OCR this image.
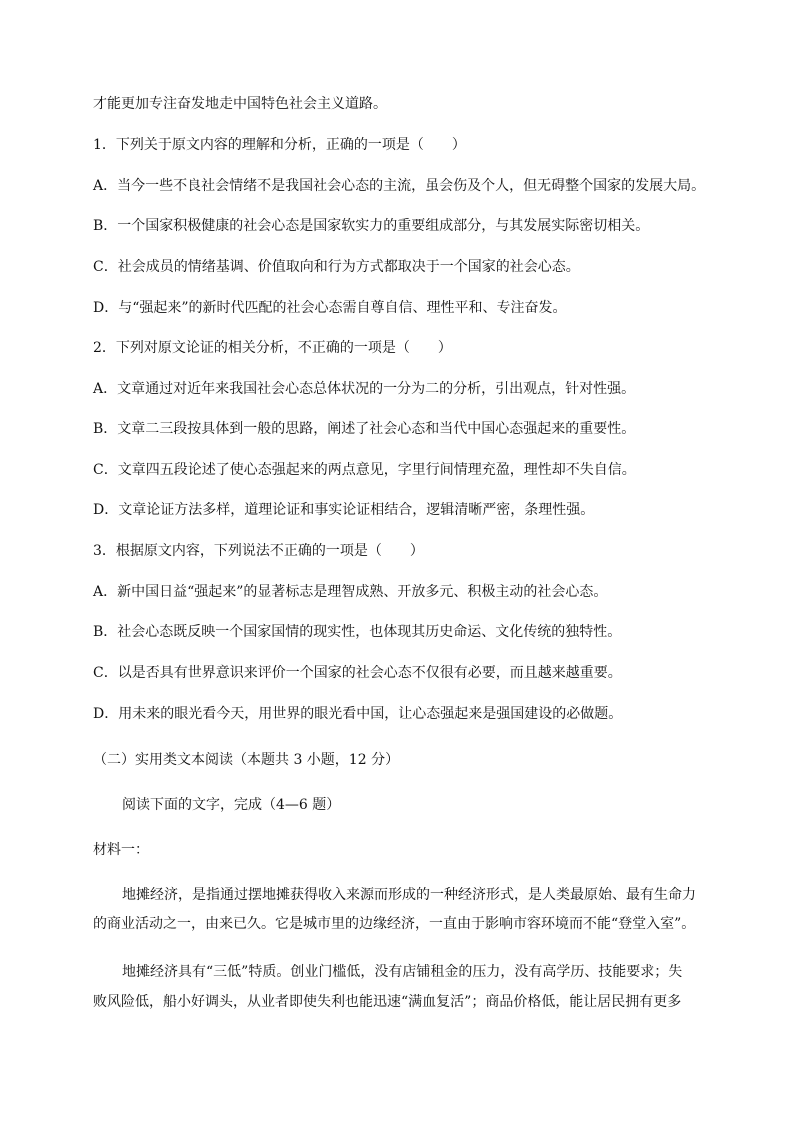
才能更加专注奋发地走中国特色社会主义道路。
1．下列关于原文内容的理解和分析，正确的一项是（　　）
A．当今一些不良社会情绪不是我国社会心态的主流，虽会伤及个人，但无碍整个国家的发展大局。
B．一个国家积极健康的社会心态是国家软实力的重要组成部分，与其发展实际密切相关。
C．社会成员的情绪基调、价值取向和行为方式都取决于一个国家的社会心态。
D．与“强起来”的新时代匹配的社会心态需自尊自信、理性平和、专注奋发。
2．下列对原文论证的相关分析，不正确的一项是（　　）
A．文章通过对近年来我国社会心态总体状况的一分为二的分析，引出观点，针对性强。
B．文章二三段按具体到一般的思路，阐述了社会心态和当代中国心态强起来的重要性。
C．文章四五段论述了使心态强起来的两点意见，字里行间情理充盈，理性却不失自信。
D．文章论证方法多样，道理论证和事实论证相结合，逻辑清晰严密，条理性强。
3．根据原文内容，下列说法不正确的一项是（　　）
A．新中国日益“强起来”的显著标志是理智成熟、开放多元、积极主动的社会心态。
B．社会心态既反映一个国家国情的现实性，也体现其历史命运、文化传统的独特性。
C．以是否具有世界意识来评价一个国家的社会心态不仅很有必要，而且越来越重要。
D．用未来的眼光看今天，用世界的眼光看中国，让心态强起来是强国建设的必做题。
（二）实用类文本阅读（本题共 3 小题，12 分）
阅读下面的文字，完成（4—6 题）
材料一：
地摊经济，是指通过摆地摊获得收入来源而形成的一种经济形式，是人类最原始、最有生命力
的商业活动之一，由来已久。它是城市里的边缘经济，一直由于影响市容环境而不能“登堂入室”。
地摊经济具有“三低”特质。创业门槛低，没有店铺租金的压力，没有高学历、技能要求；失
败风险低，船小好调头，从业者即使失利也能迅速“满血复活”；商品价格低，能让居民拥有更多
